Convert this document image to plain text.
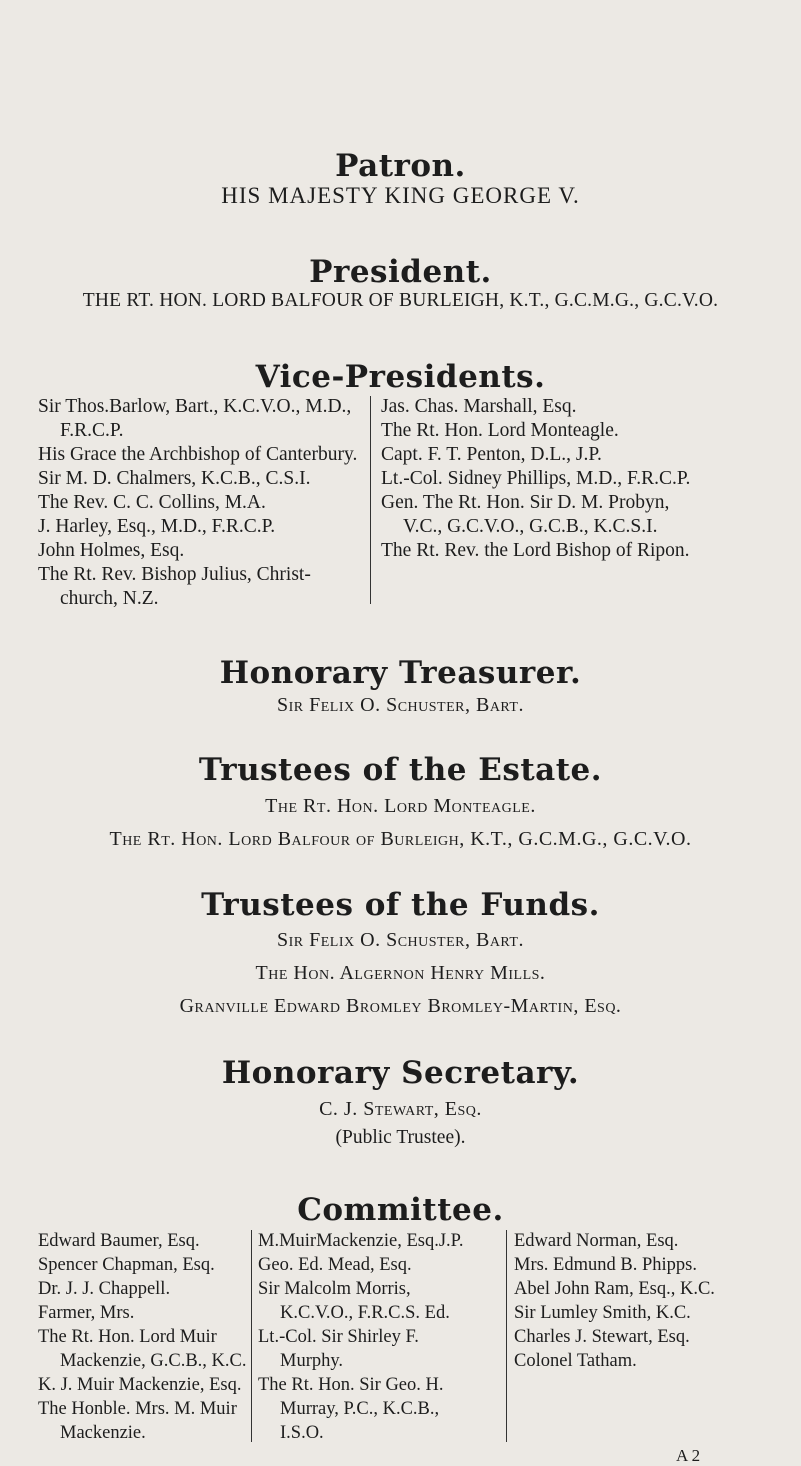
Patron.
HIS MAJESTY KING GEORGE V.
President.
THE RT. HON. LORD BALFOUR OF BURLEIGH, K.T., G.C.M.G., G.C.V.O.
Vice-Presidents.
Sir Thos.Barlow, Bart., K.C.V.O., M.D.,
F.R.C.P.
His Grace the Archbishop of Canterbury.
Sir M. D. Chalmers, K.C.B., C.S.I.
The Rev. C. C. Collins, M.A.
J. Harley, Esq., M.D., F.R.C.P.
John Holmes, Esq.
The Rt. Rev. Bishop Julius, Christ-
church, N.Z.
Jas. Chas. Marshall, Esq.
The Rt. Hon. Lord Monteagle.
Capt. F. T. Penton, D.L., J.P.
Lt.-Col. Sidney Phillips, M.D., F.R.C.P.
Gen. The Rt. Hon. Sir D. M. Probyn,
V.C., G.C.V.O., G.C.B., K.C.S.I.
The Rt. Rev. the Lord Bishop of Ripon.
Honorary Treasurer.
Sir Felix O. Schuster, Bart.
Trustees of the Estate.
The Rt. Hon. Lord Monteagle.
The Rt. Hon. Lord Balfour of Burleigh, K.T., G.C.M.G., G.C.V.O.
Trustees of the Funds.
Sir Felix O. Schuster, Bart.
The Hon. Algernon Henry Mills.
Granville Edward Bromley Bromley-Martin, Esq.
Honorary Secretary.
C. J. Stewart, Esq.
(Public Trustee).
Committee.
Edward Baumer, Esq.
Spencer Chapman, Esq.
Dr. J. J. Chappell.
Farmer, Mrs.
The Rt. Hon. Lord Muir
Mackenzie, G.C.B., K.C.
K. J. Muir Mackenzie, Esq.
The Honble. Mrs. M. Muir
Mackenzie.
M.MuirMackenzie, Esq.J.P.
Geo. Ed. Mead, Esq.
Sir Malcolm Morris,
K.C.V.O., F.R.C.S. Ed.
Lt.-Col. Sir Shirley F.
Murphy.
The Rt. Hon. Sir Geo. H.
Murray, P.C., K.C.B.,
I.S.O.
Edward Norman, Esq.
Mrs. Edmund B. Phipps.
Abel John Ram, Esq., K.C.
Sir Lumley Smith, K.C.
Charles J. Stewart, Esq.
Colonel Tatham.
A 2
